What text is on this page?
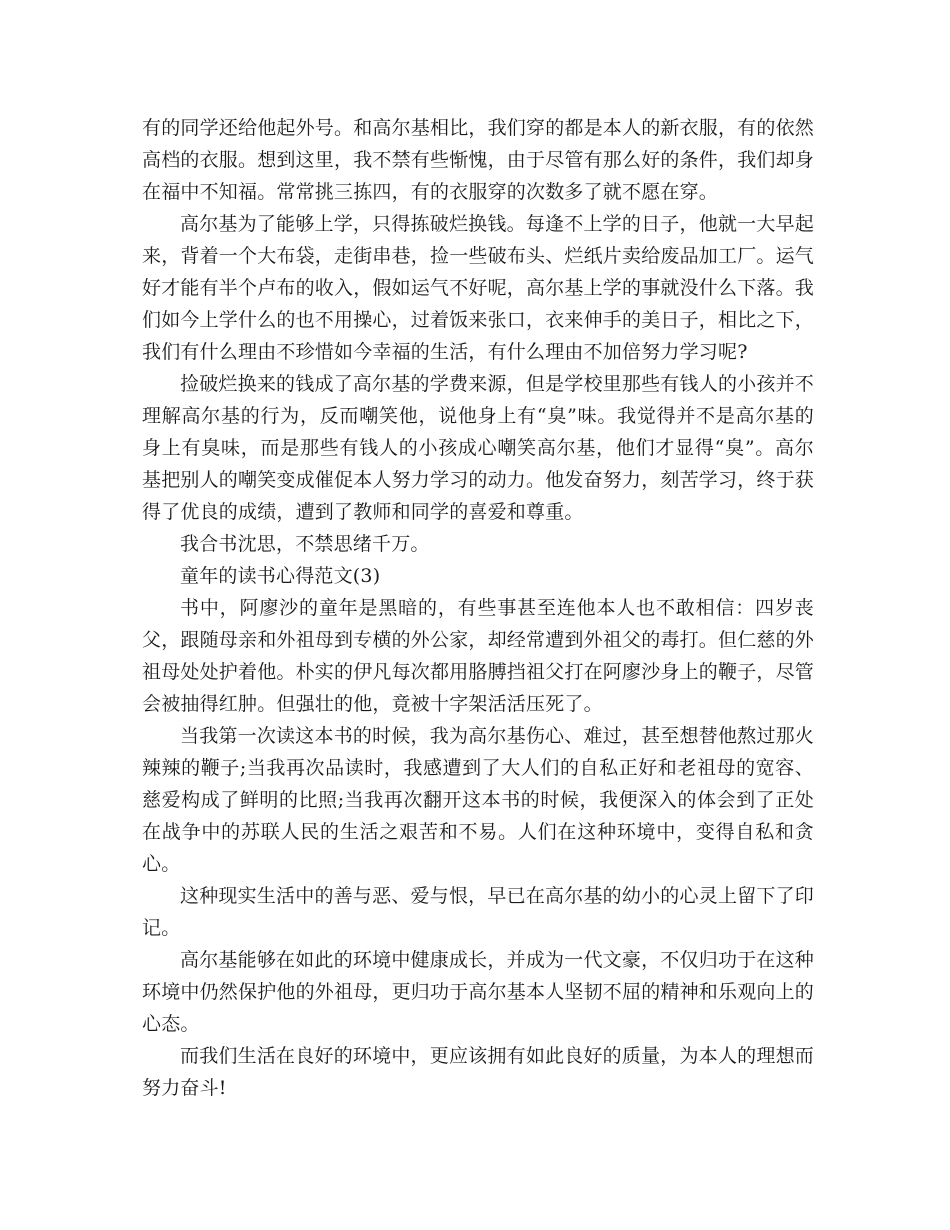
有的同学还给他起外号。和高尔基相比，我们穿的都是本人的新衣服，有的依然高档的衣服。想到这里，我不禁有些惭愧，由于尽管有那么好的条件，我们却身在福中不知福。常常挑三拣四，有的衣服穿的次数多了就不愿在穿。

高尔基为了能够上学，只得拣破烂换钱。每逢不上学的日子，他就一大早起来，背着一个大布袋，走街串巷，捡一些破布头、烂纸片卖给废品加工厂。运气好才能有半个卢布的收入，假如运气不好呢，高尔基上学的事就没什么下落。我们如今上学什么的也不用操心，过着饭来张口，衣来伸手的美日子，相比之下，我们有什么理由不珍惜如今幸福的生活，有什么理由不加倍努力学习呢?

捡破烂换来的钱成了高尔基的学费来源，但是学校里那些有钱人的小孩并不理解高尔基的行为，反而嘲笑他，说他身上有“臭”味。我觉得并不是高尔基的身上有臭味，而是那些有钱人的小孩成心嘲笑高尔基，他们才显得“臭”。高尔基把别人的嘲笑变成催促本人努力学习的动力。他发奋努力，刻苦学习，终于获得了优良的成绩，遭到了教师和同学的喜爱和尊重。

我合书沈思，不禁思绪千万。

童年的读书心得范文(3)

书中，阿廖沙的童年是黑暗的，有些事甚至连他本人也不敢相信：四岁丧父，跟随母亲和外祖母到专横的外公家，却经常遭到外祖父的毒打。但仁慈的外祖母处处护着他。朴实的伊凡每次都用胳膊挡祖父打在阿廖沙身上的鞭子，尽管会被抽得红肿。但强壮的他，竟被十字架活活压死了。

当我第一次读这本书的时候，我为高尔基伤心、难过，甚至想替他熬过那火辣辣的鞭子;当我再次品读时，我感遭到了大人们的自私正好和老祖母的宽容、慈爱构成了鲜明的比照;当我再次翻开这本书的时候，我便深入的体会到了正处在战争中的苏联人民的生活之艰苦和不易。人们在这种环境中，变得自私和贪心。

这种现实生活中的善与恶、爱与恨，早已在高尔基的幼小的心灵上留下了印记。

高尔基能够在如此的环境中健康成长，并成为一代文豪，不仅归功于在这种环境中仍然保护他的外祖母，更归功于高尔基本人坚韧不屈的精神和乐观向上的心态。

而我们生活在良好的环境中，更应该拥有如此良好的质量，为本人的理想而努力奋斗!
